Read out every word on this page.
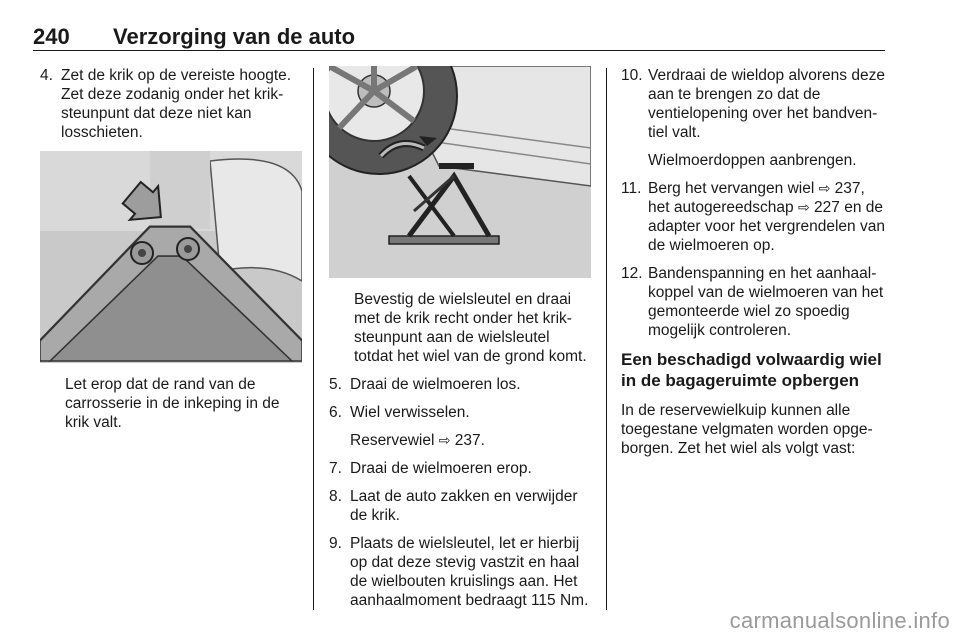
240 Verzorging van de auto
4. Zet de krik op de vereiste hoogte. Zet deze zodanig onder het kriksteunpunt dat deze niet kan losschieten.

Let erop dat de rand van de carrosserie in de inkeping in de krik valt.

Bevestig de wielsleutel en draai met de krik recht onder het kriksteunpunt aan de wielsleutel totdat het wiel van de grond komt.

5. Draai de wielmoeren los.
6. Wiel verwisselen.

Reservewiel ⇨ 237.

7. Draai de wielmoeren erop.
8. Laat de auto zakken en verwijder de krik.
9. Plaats de wielsleutel, let er hierbij op dat deze stevig vastzit en haal de wielbouten kruislings aan. Het aanhaalmoment bedraagt 115 Nm.
10. Verdraai de wieldop alvorens deze aan te brengen zo dat de ventielopening over het bandventiel valt.

Wielmoerdoppen aanbrengen.

11. Berg het vervangen wiel ⇨ 237, het autogereedschap ⇨ 227 en de adapter voor het vergrendelen van de wielmoeren op.
12. Bandenspanning en het aanhaalkoppel van de wielmoeren van het gemonteerde wiel zo spoedig mogelijk controleren.
Een beschadigd volwaardig wiel in de bagageruimte opbergen

In de reservewielkuip kunnen alle toegestane velgmaten worden opgeborgen. Zet het wiel als volgt vast:

carmanualsonline.info
